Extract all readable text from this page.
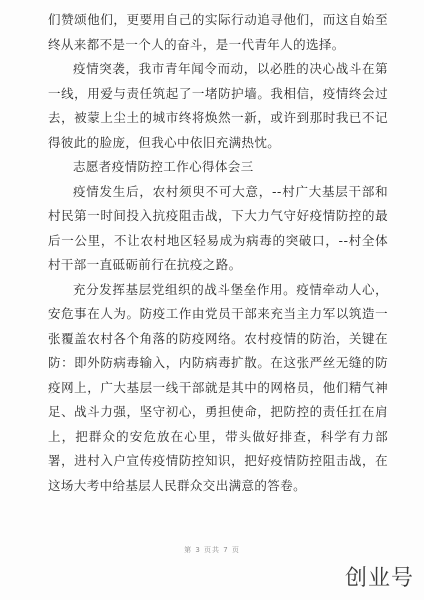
们赞颂他们，更要用自己的实际行动追寻他们，而这自始至终从来都不是一个人的奋斗，是一代青年人的选择。

疫情突袭，我市青年闻令而动，以必胜的决心战斗在第一线，用爱与责任筑起了一堵防护墙。我相信，疫情终会过去，被蒙上尘土的城市终将焕然一新，或许到那时我已不记得彼此的脸庞，但我心中依旧充满热忱。

志愿者疫情防控工作心得体会三

疫情发生后，农村须臾不可大意，--村广大基层干部和村民第一时间投入抗疫阻击战，下大力气守好疫情防控的最后一公里，不让农村地区轻易成为病毒的突破口，--村全体村干部一直砥砺前行在抗疫之路。

充分发挥基层党组织的战斗堡垒作用。疫情牵动人心，安危事在人为。防疫工作由党员干部来充当主力军以筑造一张覆盖农村各个角落的防疫网络。农村疫情的防治，关键在防：即外防病毒输入，内防病毒扩散。在这张严丝无缝的防疫网上，广大基层一线干部就是其中的网格员，他们精气神足、战斗力强，坚守初心，勇担使命，把防控的责任扛在肩上，把群众的安危放在心里，带头做好排查，科学有力部署，进村入户宣传疫情防控知识，把好疫情防控阻击战，在这场大考中给基层人民群众交出满意的答卷。

第 3 页共 7 页
创业号
